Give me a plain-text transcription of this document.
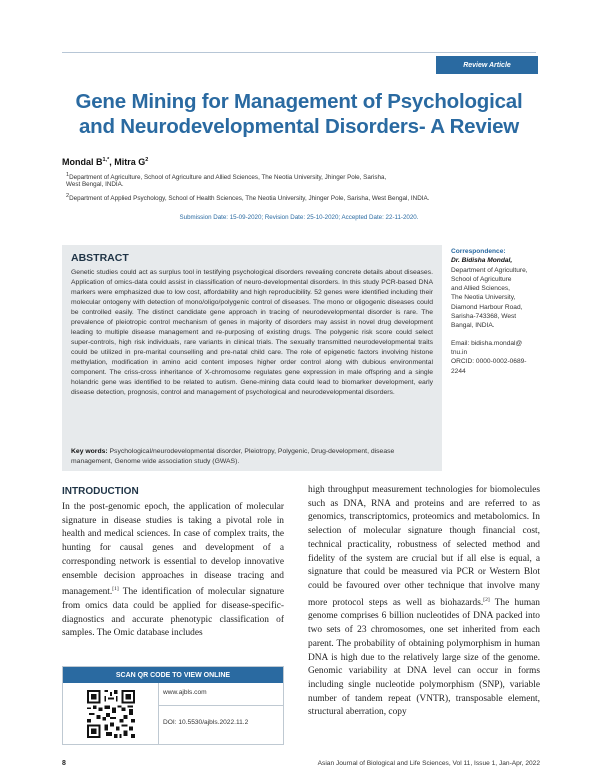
Review Article
Gene Mining for Management of Psychological
and Neurodevelopmental Disorders- A Review
Mondal $B^{1,*}$, Mitra $G^2$
$^1$Department of Agriculture, School of Agriculture and Allied Sciences, The Neotia University, Jhinger Pole, Sarisha,
West Bengal, INDIA.
$^2$Department of Applied Psychology, School of Health Sciences, The Neotia University, Jhinger Pole, Sarisha, West Bengal, INDIA.
Submission Date: 15-09-2020; Revision Date: 25-10-2020; Accepted Date: 22-11-2020.
ABSTRACT
Genetic studies could act as surplus tool in testifying psychological disorders revealing concrete details about diseases. Application of omics-data could assist in classification of neuro-developmental disorders. In this study PCR-based DNA markers were emphasized due to low cost, affordability and high reproducibility. 52 genes were identified including their molecular ontogeny with detection of mono/oligo/polygenic control of diseases. The mono or oligogenic diseases could be controlled easily. The distinct candidate gene approach in tracing of neurodevelopmental disorder is rare. The prevalence of pleiotropic control mechanism of genes in majority of disorders may assist in novel drug development leading to multiple disease management and re-purposing of existing drugs. The polygenic risk score could select super-controls, high risk individuals, rare variants in clinical trials. The sexually transmitted neurodevelopmental traits could be utilized in pre-marital counselling and pre-natal child care. The role of epigenetic factors involving histone methylation, modification in amino acid content imposes higher order control along with dubious environmental component. The criss-cross inheritance of X-chromosome regulates gene expression in male offspring and a single holandric gene was identified to be related to autism. Gene-mining data could lead to biomarker development, early disease detection, prognosis, control and management of psychological and neurodevelopmental disorders.
Key words: Psychological/neurodevelopmental disorder, Pleiotropy, Polygenic, Drug-development, disease management, Genome wide association study (GWAS).
Correspondence:
Dr. Bidisha Mondal,
Department of Agriculture,
School of Agriculture
and Allied Sciences,
The Neotia University,
Diamond Harbour Road,
Sarisha-743368, West
Bangal, INDIA.
Email: bidisha.mondal@
tnu.in
ORCID: 0000-0002-0689-
2244
INTRODUCTION

In the post-genomic epoch, the application of molecular signature in disease studies is taking a pivotal role in health and medical sciences. In case of complex traits, the hunting for causal genes and development of a corresponding network is essential to develop innovative ensemble decision approaches in disease tracing and management.[1] The identification of molecular signature from omics data could be applied for disease-specific-diagnostics and accurate phenotypic classification of samples. The Omic database includes

high throughput measurement technologies for biomolecules such as DNA, RNA and proteins and are referred to as genomics, transcriptomics, proteomics and metabolomics. In selection of molecular signature though financial cost, technical practicality, robustness of selected method and fidelity of the system are crucial but if all else is equal, a signature that could be measured via PCR or Western Blot could be favoured over other technique that involve many more protocol steps as well as biohazards.[2] The human genome comprises 6 billion nucleotides of DNA packed into two sets of 23 chromosomes, one set inherited from each parent. The probability of obtaining polymorphism in human DNA is high due to the relatively large size of the genome. Genomic variability at DNA level can occur in forms including single nucleotide polymorphism (SNP), variable number of tandem repeat (VNTR), transposable element, structural aberration, copy

SCAN QR CODE TO VIEW ONLINE
www.ajbls.com
DOI: 10.5530/ajbls.2022.11.2
8	Asian Journal of Biological and Life Sciences, Vol 11, Issue 1, Jan-Apr, 2022
